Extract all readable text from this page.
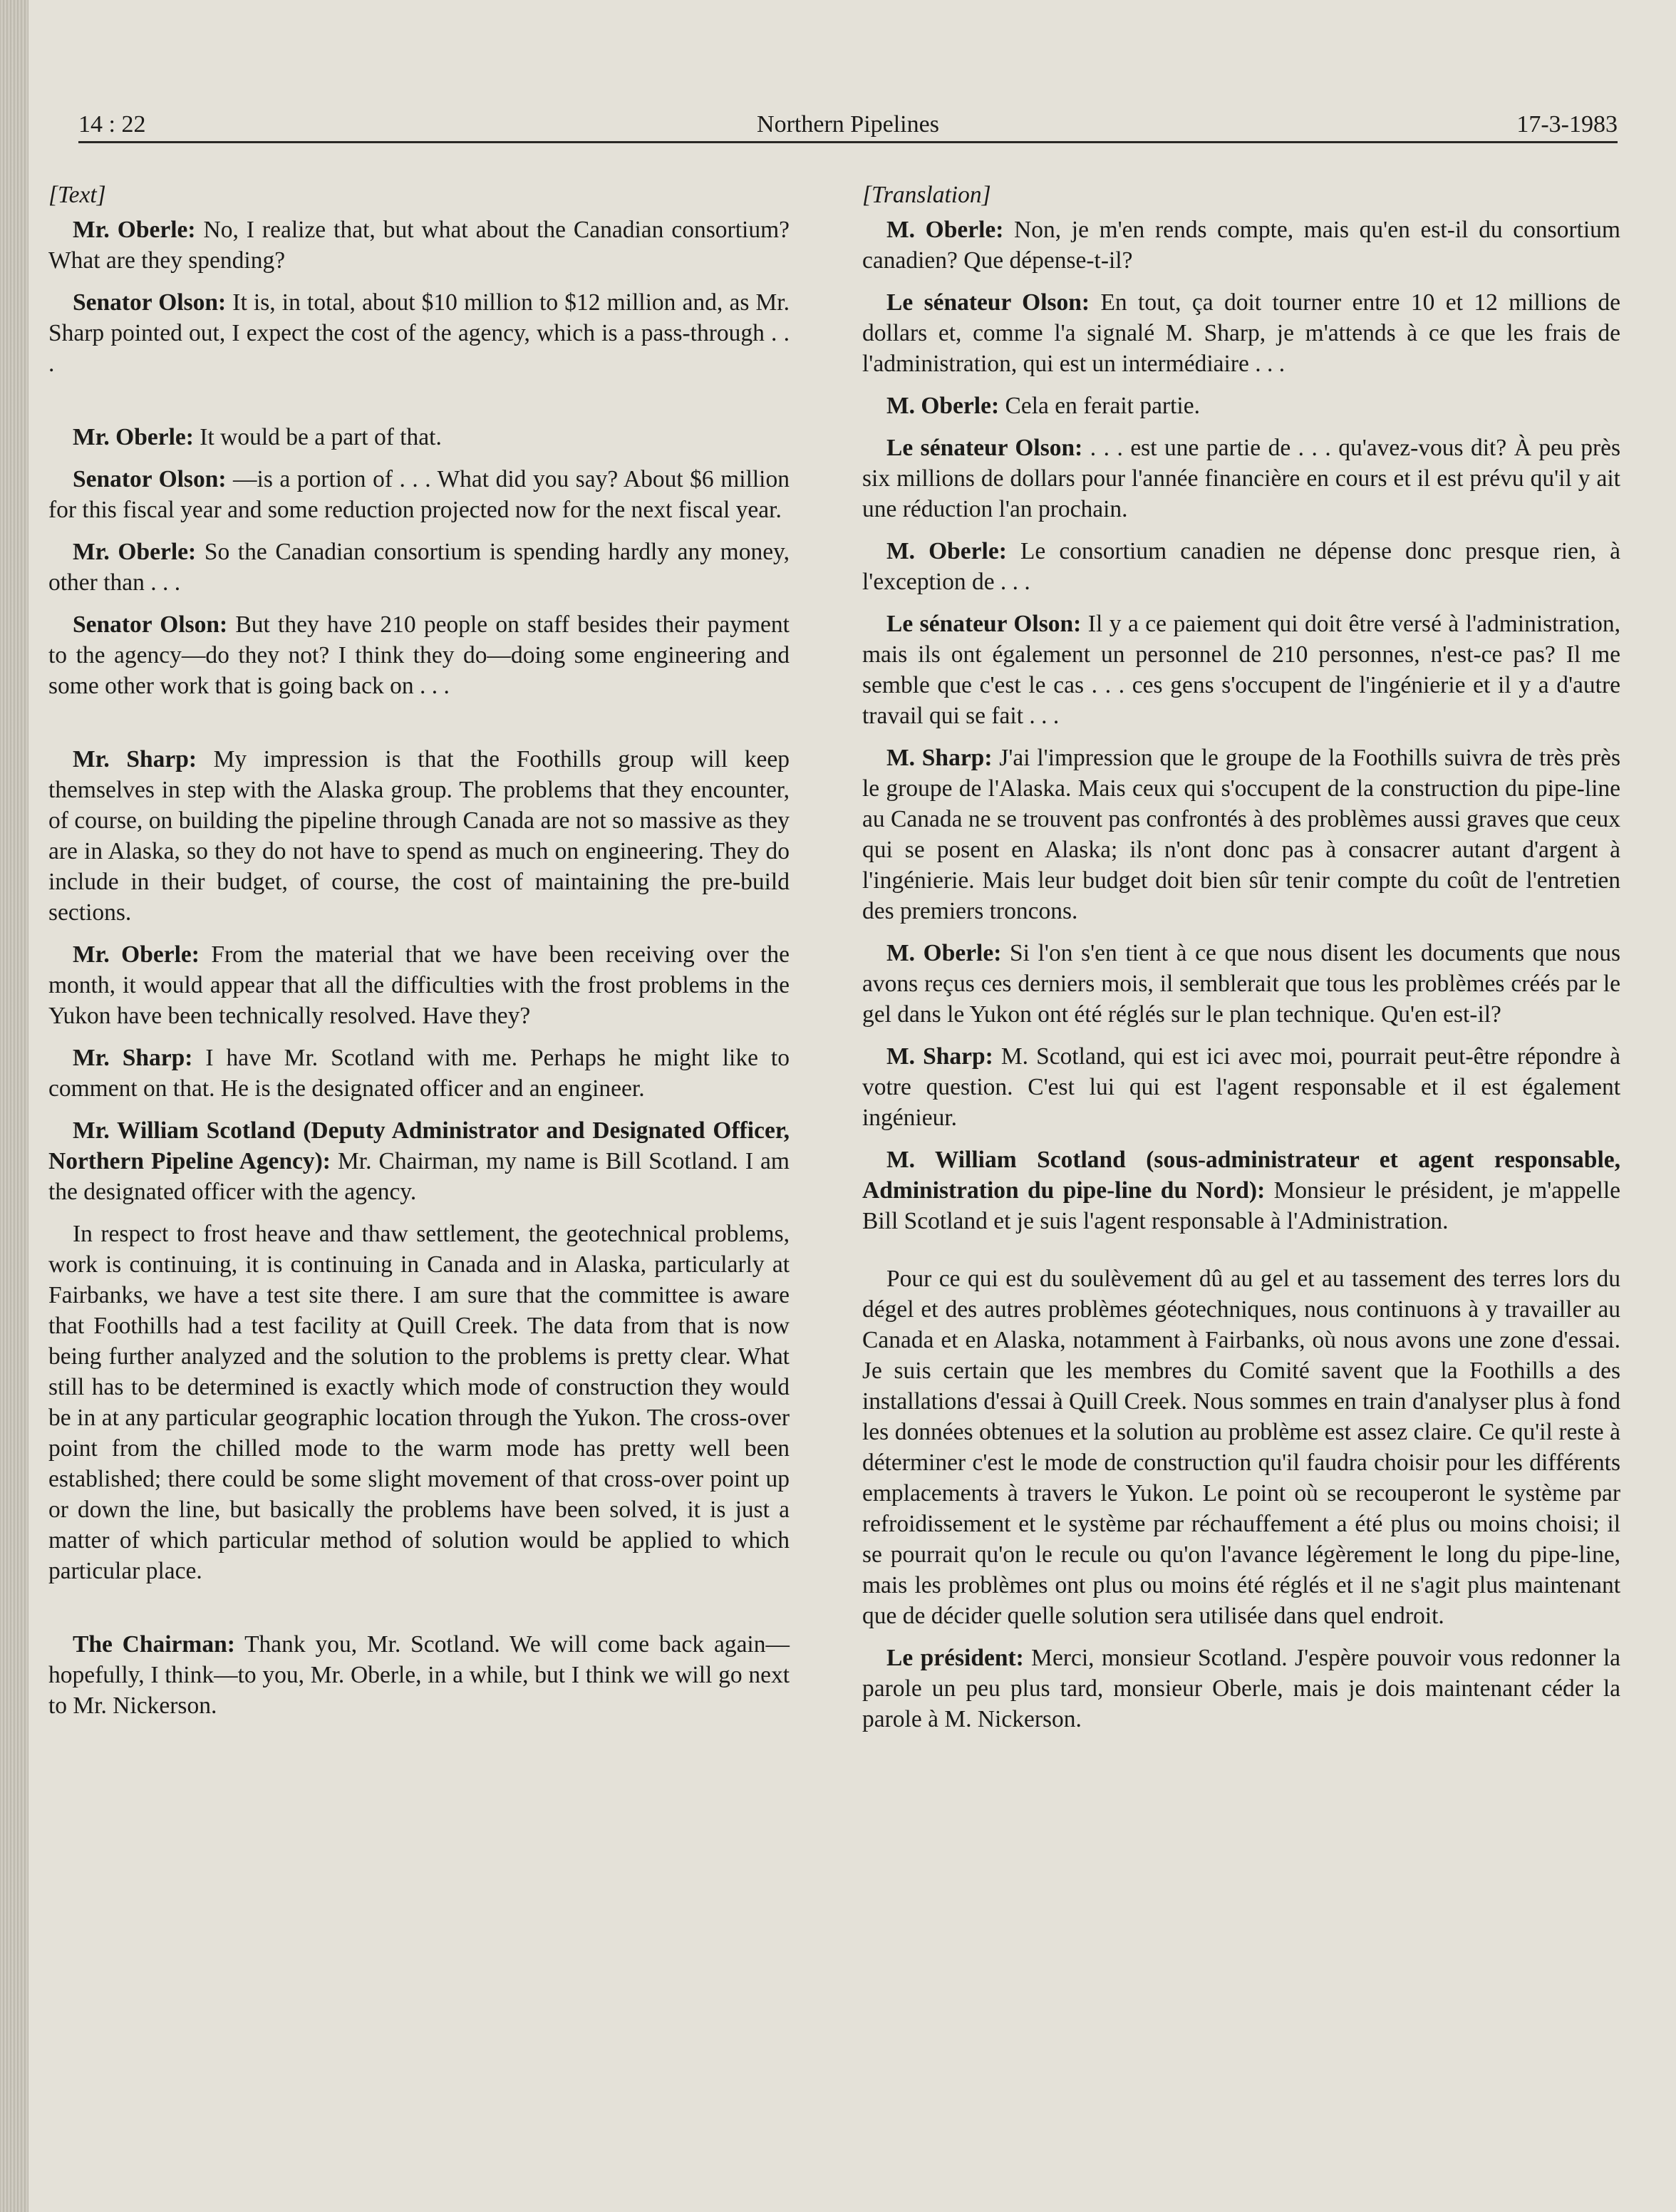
14 : 22	Northern Pipelines	17-3-1983
[Text]

Mr. Oberle: No, I realize that, but what about the Canadian consortium? What are they spending?

Senator Olson: It is, in total, about $10 million to $12 million and, as Mr. Sharp pointed out, I expect the cost of the agency, which is a pass-through . . .

Mr. Oberle: It would be a part of that.

Senator Olson: —is a portion of . . . What did you say? About $6 million for this fiscal year and some reduction projected now for the next fiscal year.

Mr. Oberle: So the Canadian consortium is spending hardly any money, other than . . .

Senator Olson: But they have 210 people on staff besides their payment to the agency—do they not? I think they do—doing some engineering and some other work that is going back on . . .

Mr. Sharp: My impression is that the Foothills group will keep themselves in step with the Alaska group. The problems that they encounter, of course, on building the pipeline through Canada are not so massive as they are in Alaska, so they do not have to spend as much on engineering. They do include in their budget, of course, the cost of maintaining the pre-build sections.

Mr. Oberle: From the material that we have been receiving over the month, it would appear that all the difficulties with the frost problems in the Yukon have been technically resolved. Have they?

Mr. Sharp: I have Mr. Scotland with me. Perhaps he might like to comment on that. He is the designated officer and an engineer.

Mr. William Scotland (Deputy Administrator and Designated Officer, Northern Pipeline Agency): Mr. Chairman, my name is Bill Scotland. I am the designated officer with the agency.

In respect to frost heave and thaw settlement, the geotechnical problems, work is continuing, it is continuing in Canada and in Alaska, particularly at Fairbanks, we have a test site there. I am sure that the committee is aware that Foothills had a test facility at Quill Creek. The data from that is now being further analyzed and the solution to the problems is pretty clear. What still has to be determined is exactly which mode of construction they would be in at any particular geographic location through the Yukon. The cross-over point from the chilled mode to the warm mode has pretty well been established; there could be some slight movement of that cross-over point up or down the line, but basically the problems have been solved, it is just a matter of which particular method of solution would be applied to which particular place.

The Chairman: Thank you, Mr. Scotland. We will come back again—hopefully, I think—to you, Mr. Oberle, in a while, but I think we will go next to Mr. Nickerson.

[Translation]

M. Oberle: Non, je m'en rends compte, mais qu'en est-il du consortium canadien? Que dépense-t-il?

Le sénateur Olson: En tout, ça doit tourner entre 10 et 12 millions de dollars et, comme l'a signalé M. Sharp, je m'attends à ce que les frais de l'administration, qui est un intermédiaire . . .

M. Oberle: Cela en ferait partie.

Le sénateur Olson: . . . est une partie de . . . qu'avez-vous dit? À peu près six millions de dollars pour l'année financière en cours et il est prévu qu'il y ait une réduction l'an prochain.

M. Oberle: Le consortium canadien ne dépense donc presque rien, à l'exception de . . .

Le sénateur Olson: Il y a ce paiement qui doit être versé à l'administration, mais ils ont également un personnel de 210 personnes, n'est-ce pas? Il me semble que c'est le cas . . . ces gens s'occupent de l'ingénierie et il y a d'autre travail qui se fait . . .

M. Sharp: J'ai l'impression que le groupe de la Foothills suivra de très près le groupe de l'Alaska. Mais ceux qui s'occupent de la construction du pipe-line au Canada ne se trouvent pas confrontés à des problèmes aussi graves que ceux qui se posent en Alaska; ils n'ont donc pas à consacrer autant d'argent à l'ingénierie. Mais leur budget doit bien sûr tenir compte du coût de l'entretien des premiers troncons.

M. Oberle: Si l'on s'en tient à ce que nous disent les documents que nous avons reçus ces derniers mois, il semblerait que tous les problèmes créés par le gel dans le Yukon ont été réglés sur le plan technique. Qu'en est-il?

M. Sharp: M. Scotland, qui est ici avec moi, pourrait peut-être répondre à votre question. C'est lui qui est l'agent responsable et il est également ingénieur.

M. William Scotland (sous-administrateur et agent responsable, Administration du pipe-line du Nord): Monsieur le président, je m'appelle Bill Scotland et je suis l'agent responsable à l'Administration.

Pour ce qui est du soulèvement dû au gel et au tassement des terres lors du dégel et des autres problèmes géotechniques, nous continuons à y travailler au Canada et en Alaska, notamment à Fairbanks, où nous avons une zone d'essai. Je suis certain que les membres du Comité savent que la Foothills a des installations d'essai à Quill Creek. Nous sommes en train d'analyser plus à fond les données obtenues et la solution au problème est assez claire. Ce qu'il reste à déterminer c'est le mode de construction qu'il faudra choisir pour les différents emplacements à travers le Yukon. Le point où se recouperont le système par refroidissement et le système par réchauffement a été plus ou moins choisi; il se pourrait qu'on le recule ou qu'on l'avance légèrement le long du pipe-line, mais les problèmes ont plus ou moins été réglés et il ne s'agit plus maintenant que de décider quelle solution sera utilisée dans quel endroit.

Le président: Merci, monsieur Scotland. J'espère pouvoir vous redonner la parole un peu plus tard, monsieur Oberle, mais je dois maintenant céder la parole à M. Nickerson.
